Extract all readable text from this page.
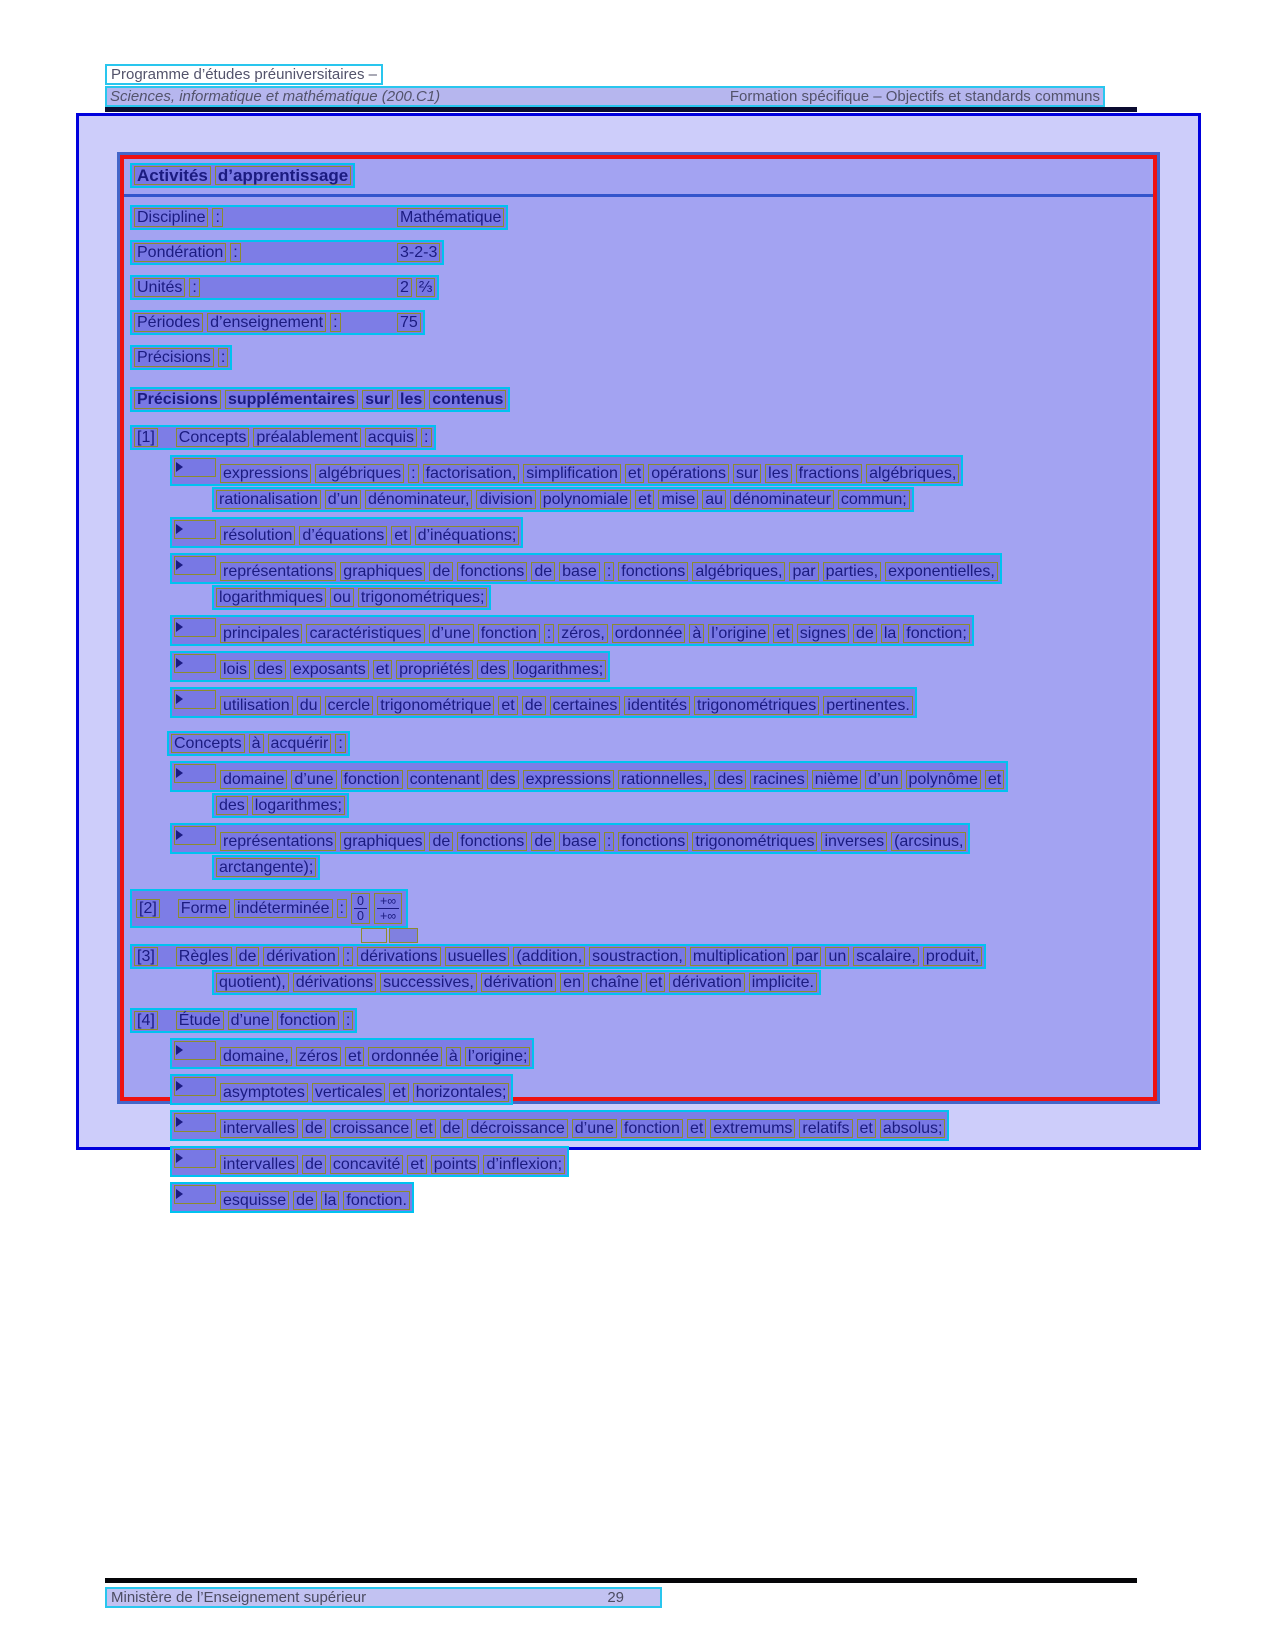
Programme d’études préuniversitaires –
Sciences, informatique et mathématique (200.C1)	Formation spécifique – Objectifs et standards communs
Activités d’apprentissage
Discipline :	Mathématique
Pondération :	3-2-3
Unités :	2 ⅔
Périodes d’enseignement :	75
Précisions :
Précisions supplémentaires sur les contenus
[1] Concepts préalablement acquis :
expressions algébriques : factorisation, simplification et opérations sur les fractions algébriques,
rationalisation d’un dénominateur, division polynomiale et mise au dénominateur commun;
résolution d’équations et d’inéquations;
représentations graphiques de fonctions de base : fonctions algébriques, par parties, exponentielles,
logarithmiques ou trigonométriques;
principales caractéristiques d’une fonction : zéros, ordonnée à l’origine et signes de la fonction;
lois des exposants et propriétés des logarithmes;
utilisation du cercle trigonométrique et de certaines identités trigonométriques pertinentes.
Concepts à acquérir :
domaine d’une fonction contenant des expressions rationnelles, des racines nième d’un polynôme et
des logarithmes;
représentations graphiques de fonctions de base : fonctions trigonométriques inverses (arcsinus,
arctangente);
[2] Forme indéterminée : $\frac{0}{0}$ +∞
+∞
[3] Règles de dérivation : dérivations usuelles (addition, soustraction, multiplication par un scalaire, produit,
quotient), dérivations successives, dérivation en chaîne et dérivation implicite.
[4] Étude d’une fonction :
domaine, zéros et ordonnée à l’origine;
asymptotes verticales et horizontales;
intervalles de croissance et de décroissance d’une fonction et extremums relatifs et absolus;
intervalles de concavité et points d’inflexion;
esquisse de la fonction.
Ministère de l’Enseignement supérieur	29
